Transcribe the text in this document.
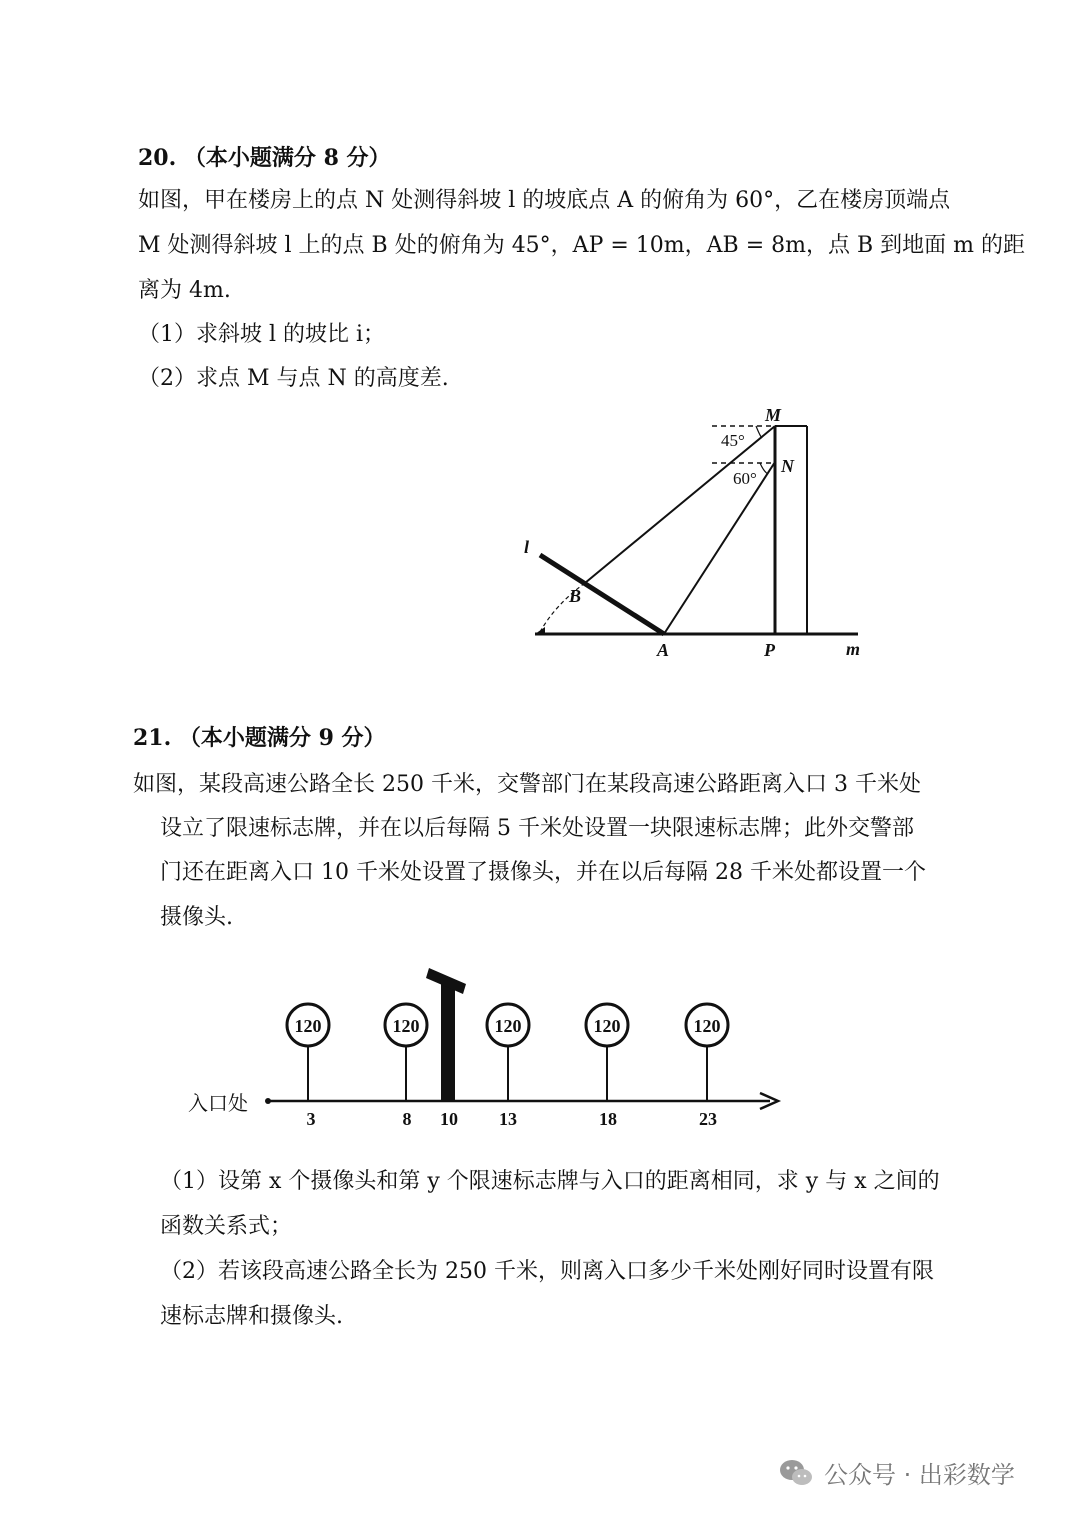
20. （本小题满分 8 分）
如图，甲在楼房上的点 N 处测得斜坡 l 的坡底点 A 的俯角为 60°，乙在楼房顶端点
M 处测得斜坡 l 上的点 B 处的俯角为 45°，AP = 10m，AB = 8m，点 B 到地面 m 的距
离为 4m.
（1）求斜坡 l 的坡比 i；
（2）求点 M 与点 N 的高度差.
M
N
45°
60°
B
l
A	P	m
21. （本小题满分 9 分）
如图，某段高速公路全长 250 千米，交警部门在某段高速公路距离入口 3 千米处
设立了限速标志牌，并在以后每隔 5 千米处设置一块限速标志牌；此外交警部
门还在距离入口 10 千米处设置了摄像头，并在以后每隔 28 千米处都设置一个
摄像头.
120	120	120	120	120
3	8 10 13	18	23
入口处
（1）设第 x 个摄像头和第 y 个限速标志牌与入口的距离相同，求 y 与 x 之间的
函数关系式；
（2）若该段高速公路全长为 250 千米，则离入口多少千米处刚好同时设置有限
速标志牌和摄像头.
公众号 · 出彩数学
